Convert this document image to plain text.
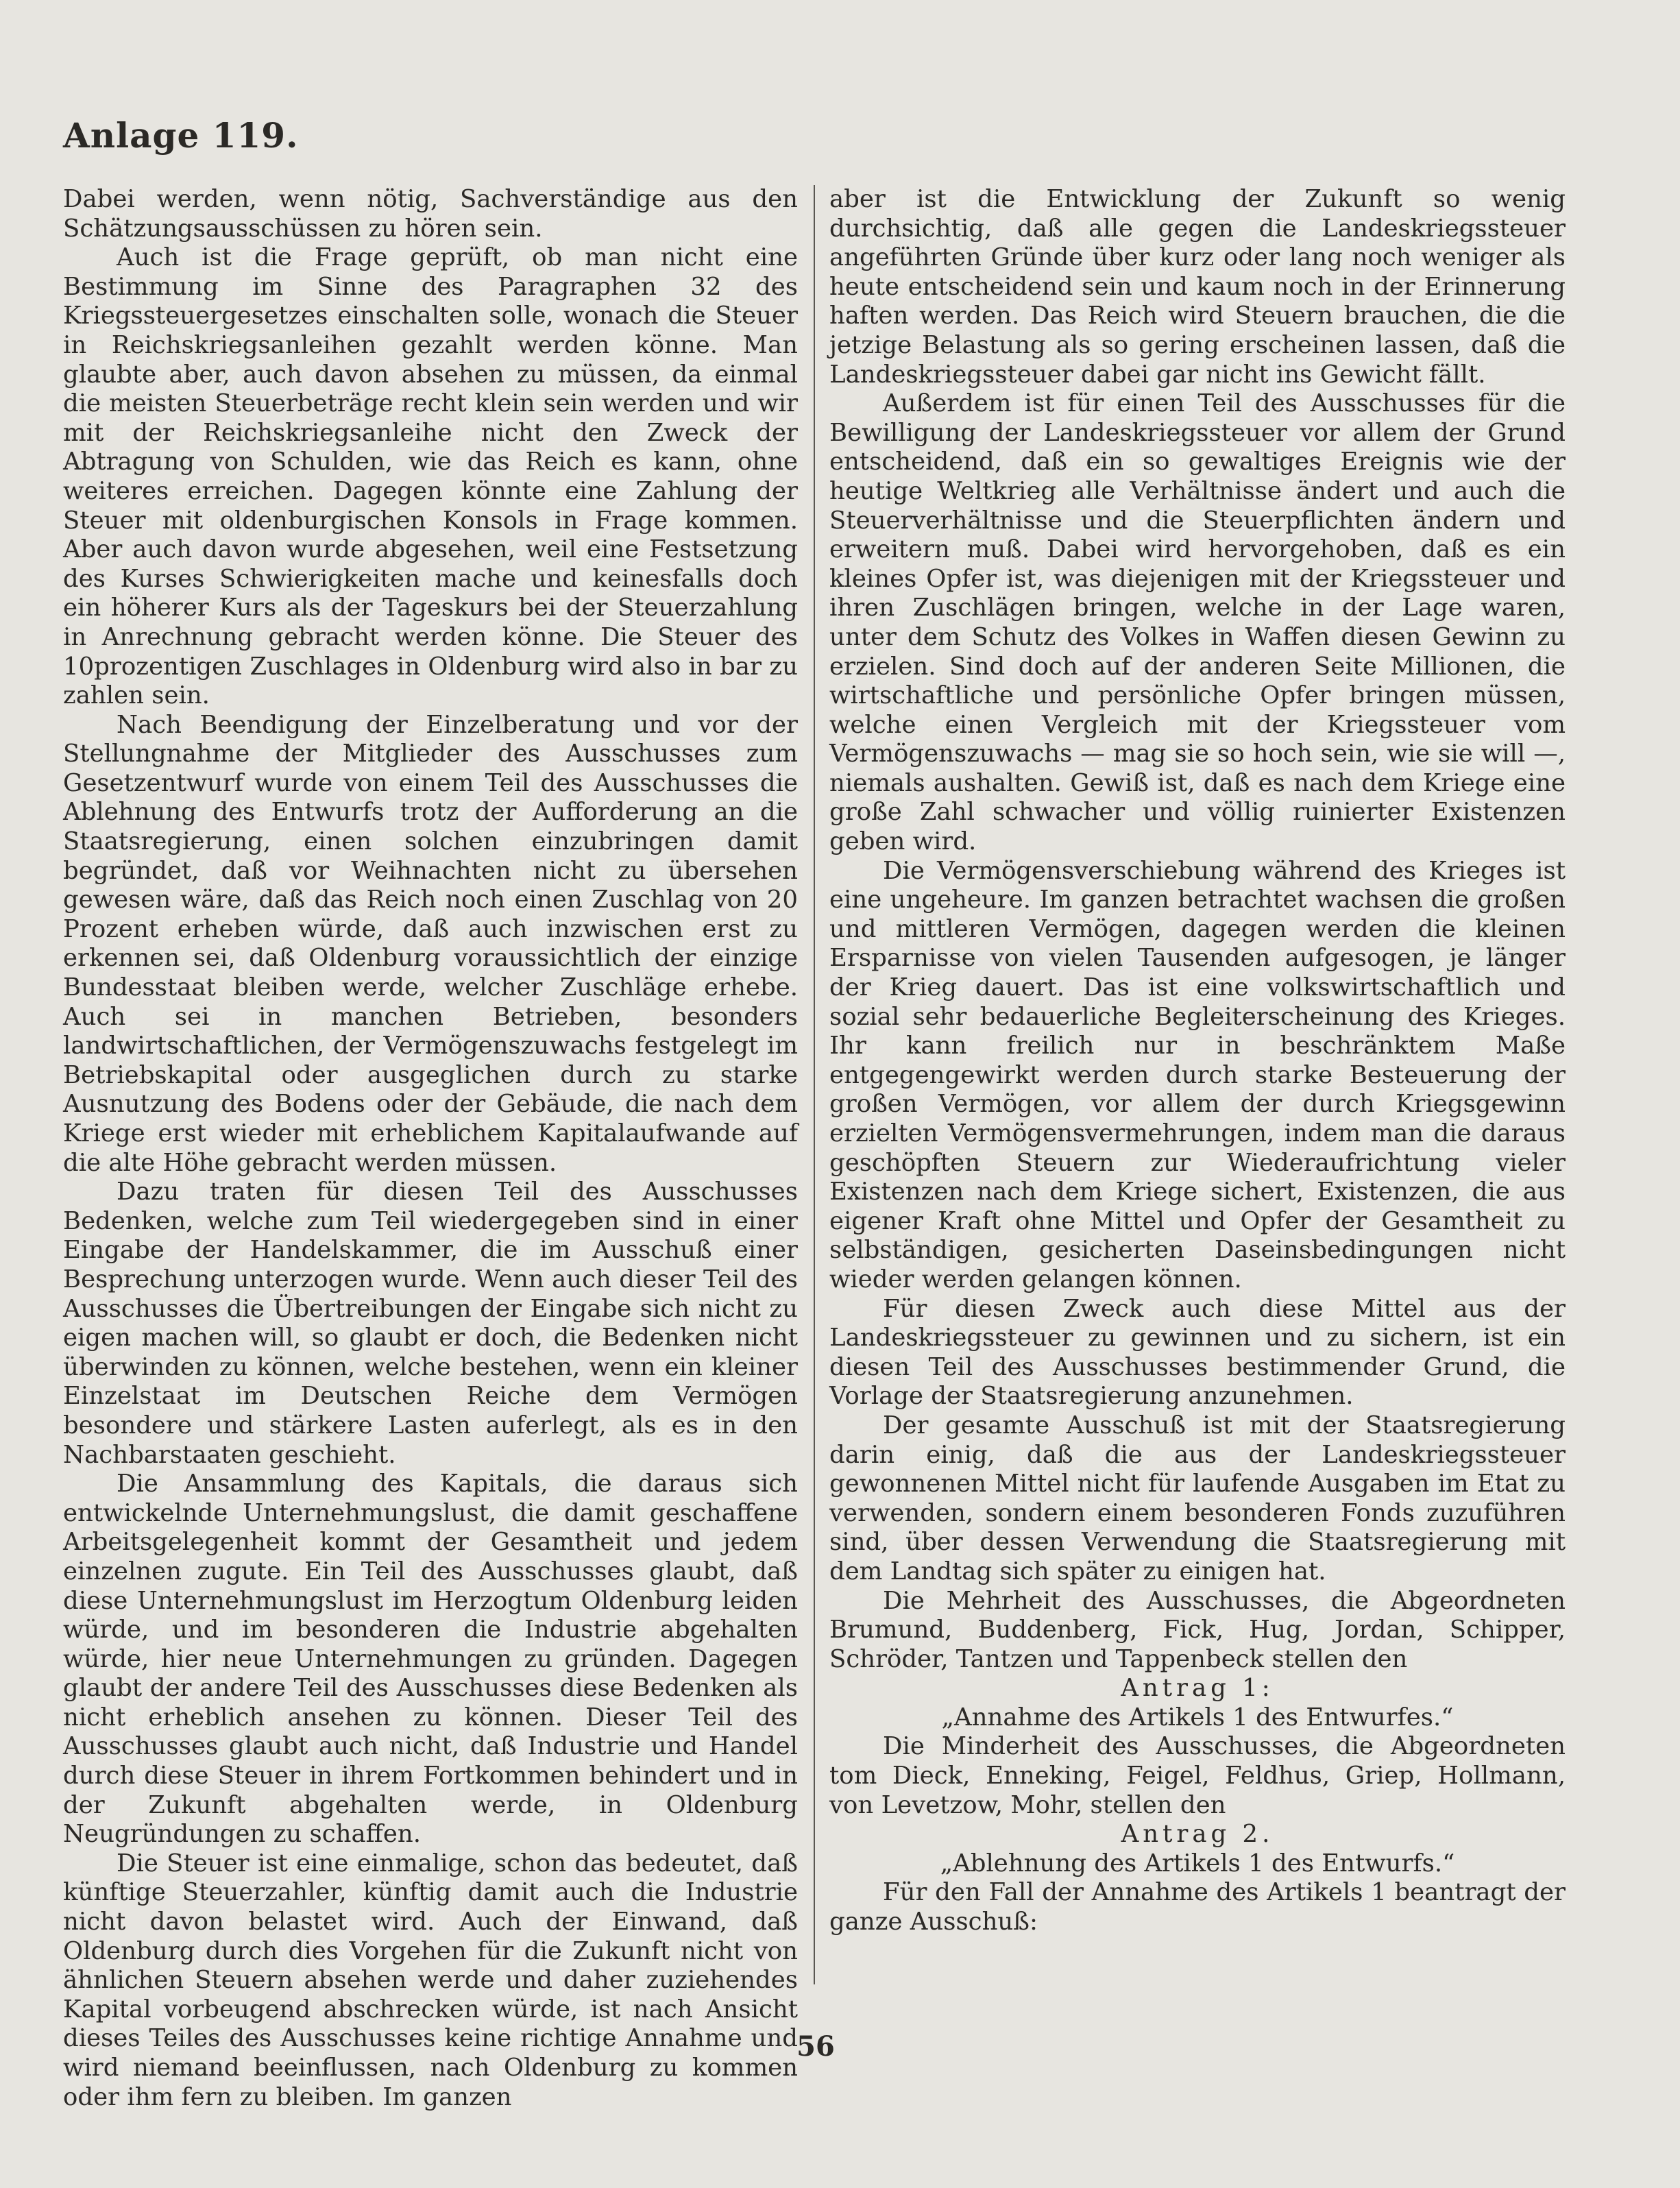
Anlage 119.

Dabei werden, wenn nötig, Sachverständige aus den Schätzungsausschüssen zu hören sein.

Auch ist die Frage geprüft, ob man nicht eine Bestimmung im Sinne des Paragraphen 32 des Kriegssteuergesetzes einschalten solle, wonach die Steuer in Reichskriegsanleihen gezahlt werden könne. Man glaubte aber, auch davon absehen zu müssen, da einmal die meisten Steuerbeträge recht klein sein werden und wir mit der Reichskriegsanleihe nicht den Zweck der Abtragung von Schulden, wie das Reich es kann, ohne weiteres erreichen. Dagegen könnte eine Zahlung der Steuer mit oldenburgischen Konsols in Frage kommen. Aber auch davon wurde abgesehen, weil eine Festsetzung des Kurses Schwierigkeiten mache und keinesfalls doch ein höherer Kurs als der Tageskurs bei der Steuerzahlung in Anrechnung gebracht werden könne. Die Steuer des 10prozentigen Zuschlages in Oldenburg wird also in bar zu zahlen sein.

Nach Beendigung der Einzelberatung und vor der Stellungnahme der Mitglieder des Ausschusses zum Gesetzentwurf wurde von einem Teil des Ausschusses die Ablehnung des Entwurfs trotz der Aufforderung an die Staatsregierung, einen solchen einzubringen damit begründet, daß vor Weihnachten nicht zu übersehen gewesen wäre, daß das Reich noch einen Zuschlag von 20 Prozent erheben würde, daß auch inzwischen erst zu erkennen sei, daß Oldenburg voraussichtlich der einzige Bundesstaat bleiben werde, welcher Zuschläge erhebe. Auch sei in manchen Betrieben, besonders landwirtschaftlichen, der Vermögenszuwachs festgelegt im Betriebskapital oder ausgeglichen durch zu starke Ausnutzung des Bodens oder der Gebäude, die nach dem Kriege erst wieder mit erheblichem Kapitalaufwande auf die alte Höhe gebracht werden müssen.

Dazu traten für diesen Teil des Ausschusses Bedenken, welche zum Teil wiedergegeben sind in einer Eingabe der Handelskammer, die im Ausschuß einer Besprechung unterzogen wurde. Wenn auch dieser Teil des Ausschusses die Übertreibungen der Eingabe sich nicht zu eigen machen will, so glaubt er doch, die Bedenken nicht überwinden zu können, welche bestehen, wenn ein kleiner Einzelstaat im Deutschen Reiche dem Vermögen besondere und stärkere Lasten auferlegt, als es in den Nachbarstaaten geschieht.

Die Ansammlung des Kapitals, die daraus sich entwickelnde Unternehmungslust, die damit geschaffene Arbeitsgelegenheit kommt der Gesamtheit und jedem einzelnen zugute. Ein Teil des Ausschusses glaubt, daß diese Unternehmungslust im Herzogtum Oldenburg leiden würde, und im besonderen die Industrie abgehalten würde, hier neue Unternehmungen zu gründen. Dagegen glaubt der andere Teil des Ausschusses diese Bedenken als nicht erheblich ansehen zu können. Dieser Teil des Ausschusses glaubt auch nicht, daß Industrie und Handel durch diese Steuer in ihrem Fortkommen behindert und in der Zukunft abgehalten werde, in Oldenburg Neugründungen zu schaffen.

Die Steuer ist eine einmalige, schon das bedeutet, daß künftige Steuerzahler, künftig damit auch die Industrie nicht davon belastet wird. Auch der Einwand, daß Oldenburg durch dies Vorgehen für die Zukunft nicht von ähnlichen Steuern absehen werde und daher zuziehendes Kapital vorbeugend abschrecken würde, ist nach Ansicht dieses Teiles des Ausschusses keine richtige Annahme und wird niemand beeinflussen, nach Oldenburg zu kommen oder ihm fern zu bleiben. Im ganzen

aber ist die Entwicklung der Zukunft so wenig durchsichtig, daß alle gegen die Landeskriegssteuer angeführten Gründe über kurz oder lang noch weniger als heute entscheidend sein und kaum noch in der Erinnerung haften werden. Das Reich wird Steuern brauchen, die die jetzige Belastung als so gering erscheinen lassen, daß die Landeskriegssteuer dabei gar nicht ins Gewicht fällt.

Außerdem ist für einen Teil des Ausschusses für die Bewilligung der Landeskriegssteuer vor allem der Grund entscheidend, daß ein so gewaltiges Ereignis wie der heutige Weltkrieg alle Verhältnisse ändert und auch die Steuerverhältnisse und die Steuerpflichten ändern und erweitern muß. Dabei wird hervorgehoben, daß es ein kleines Opfer ist, was diejenigen mit der Kriegssteuer und ihren Zuschlägen bringen, welche in der Lage waren, unter dem Schutz des Volkes in Waffen diesen Gewinn zu erzielen. Sind doch auf der anderen Seite Millionen, die wirtschaftliche und persönliche Opfer bringen müssen, welche einen Vergleich mit der Kriegssteuer vom Vermögenszuwachs — mag sie so hoch sein, wie sie will —, niemals aushalten. Gewiß ist, daß es nach dem Kriege eine große Zahl schwacher und völlig ruinierter Existenzen geben wird.

Die Vermögensverschiebung während des Krieges ist eine ungeheure. Im ganzen betrachtet wachsen die großen und mittleren Vermögen, dagegen werden die kleinen Ersparnisse von vielen Tausenden aufgesogen, je länger der Krieg dauert. Das ist eine volkswirtschaftlich und sozial sehr bedauerliche Begleiterscheinung des Krieges. Ihr kann freilich nur in beschränktem Maße entgegengewirkt werden durch starke Besteuerung der großen Vermögen, vor allem der durch Kriegsgewinn erzielten Vermögensvermehrungen, indem man die daraus geschöpften Steuern zur Wiederaufrichtung vieler Existenzen nach dem Kriege sichert, Existenzen, die aus eigener Kraft ohne Mittel und Opfer der Gesamtheit zu selbständigen, gesicherten Daseinsbedingungen nicht wieder werden gelangen können.

Für diesen Zweck auch diese Mittel aus der Landeskriegssteuer zu gewinnen und zu sichern, ist ein diesen Teil des Ausschusses bestimmender Grund, die Vorlage der Staatsregierung anzunehmen.

Der gesamte Ausschuß ist mit der Staatsregierung darin einig, daß die aus der Landeskriegssteuer gewonnenen Mittel nicht für laufende Ausgaben im Etat zu verwenden, sondern einem besonderen Fonds zuzuführen sind, über dessen Verwendung die Staatsregierung mit dem Landtag sich später zu einigen hat.

Die Mehrheit des Ausschusses, die Abgeordneten Brumund, Buddenberg, Fick, Hug, Jordan, Schipper, Schröder, Tantzen und Tappenbeck stellen den

Antrag 1:

„Annahme des Artikels 1 des Entwurfes.“

Die Minderheit des Ausschusses, die Abgeordneten tom Dieck, Enneking, Feigel, Feldhus, Griep, Hollmann, von Levetzow, Mohr, stellen den

Antrag 2.

„Ablehnung des Artikels 1 des Entwurfs.“

Für den Fall der Annahme des Artikels 1 beantragt der ganze Ausschuß:

56
